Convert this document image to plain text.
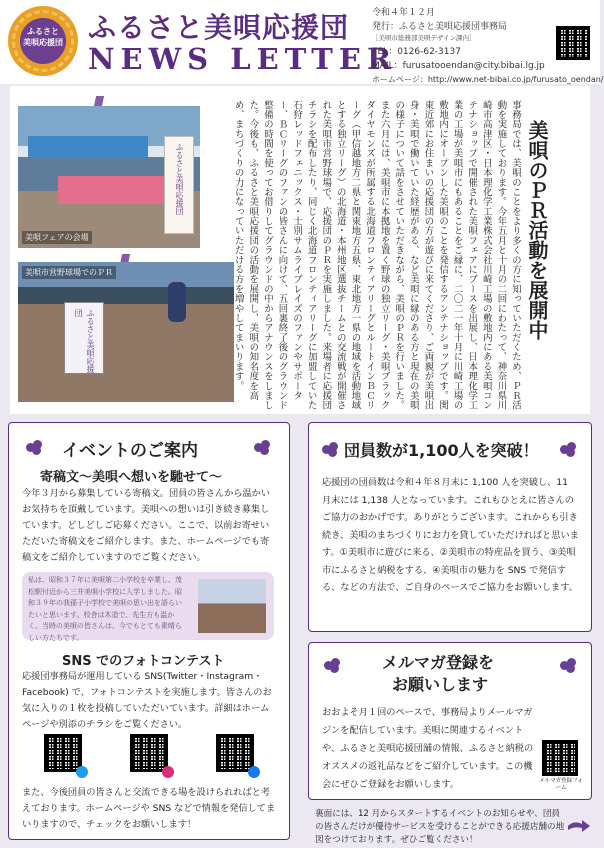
ふるさと
美唄応援団 ふるさと美唄応援団
NEWS LETTER
令和４年１２月
発行：ふるさと美唄応援団事務局
［美唄市総務部美唄デザイン課内］
TEL：0126-62-3137
MAIL：furusatooendan@city.bibai.lg.jp
ホームページ：http://www.net-bibai.co.jp/furusato_oendan/
ふるさと美唄応援団
美唄フェアの会場
ふるさと美唄応援団
美唄市営野球場でのＰＲ	事務局では、美唄のことをより多くの方に知っていただくため、ＰＲ活動を実施しております。今年五月と十月の二回にわたって、神奈川県川崎市高津区・日本理化学工業株式会社川崎工場の敷地内にある美唄コンテナショップで開催された美唄フェアにブースを出展し、日本理化学工業の工場が美唄市にもあることをご縁に、二〇二一年十月に川崎工場の敷地内にオープンした美唄のことを発信するアンテナショップです。関東近郊にお住まいの応援団の方が遊びに来てくださり、ご両親が美唄出身・美唄で働いていた経歴がある、など美唄に縁のある方と現在の美唄の様子について話をさせていただきながら、美唄のＰＲを行いました。また六月には、美唄市に本拠地を置く野球の独立リーグ・美唄ブラックダイヤモンズが所属する北海道フロンティアリーグとルートインＢＣリーグ（甲信越地方二県と関東地方五県、東北地方一県の地域を活動地域とする独立リーグ）の北海道・本州地区選抜チームとの交流戦が開催された美唄市営野球場で、応援団のＰＲを実施しました。来場者に応援団チラシを配布したり、同じく北海道フロンティアリーグに加盟していた石狩レッドフェニックス・士別サムライブレイズのファンやサポーター、ＢＣリーグのファンの皆さんに向けて、五回裏終了後のグラウンド整備の時間を使ってお借りしてグラウンドの中からアナウンスをしました。今後も、ふるさと美唄応援団の活動を展開し、美唄の知名度を高め、まちづくりの力になっていただける方を増やしてまいります。	美唄のＰＲ活動を展開中
イベントのご案内
寄稿文〜美唄へ想いを馳せて〜
今年３月から募集している寄稿文。団員の皆さんから温かいお気持ちを頂戴しています。美唄への想いは引き続き募集しています。どしどしご応募ください。ここで、以前お寄せいただいた寄稿文をご紹介します。また、ホームページでも寄稿文をご紹介していますのでご覧ください。
私は、昭和３７年に美唄第二小学校を卒業し、茂松駅付近から三井美唄小学校に入学しました。昭和３９年の我孫子小学校で美唄の思い出を語らいたいと思います。校舎は木造で、先生方も温かく、当時の美唄の皆さんは、今でもとても素晴らしい方たちです。
SNS でのフォトコンテスト
応援団事務局が運用している SNS(Twitter・Instagram・Facebook) で、フォトコンテストを実施します。皆さんのお気に入りの１枚を投稿していただいています。詳細はホームページや別添のチラシをご覧ください。
また、今後団員の皆さんと交流できる場を設けられればと考えております。ホームページや SNS などで情報を発信してまいりますので、チェックをお願いします！
団員数が1,100人を突破！
応援団の団員数は令和４年８月末に 1,100 人を突破し、11 月末には 1,138 人となっています。これもひとえに皆さんのご協力のおかげです。ありがとうございます。これからも引き続き、美唄のまちづくりにお力を貸していただければと思います。①美唄市に遊びに来る、②美唄市の特産品を買う、③美唄市にふるさと納税をする、④美唄市の魅力を SNS で発信する、などの方法で、ご自身のペースでご協力をお願いします。
メルマガ登録を
お願いします
おおよそ月１回のペースで、事務局よりメールマガジンを配信しています。美唄に関連するイベントや、ふるさと美唄応援団舗の情報、ふるさと納税のオススメの返礼品などをご紹介しています。この機会にぜひご登録をお願いします。	メルマガ登録フォーム
裏面には、12 月からスタートするイベントのお知らせや、団員の皆さんだけが優待サービスを受けることができる応援店舗の地図をつけております。ぜひご覧ください！
